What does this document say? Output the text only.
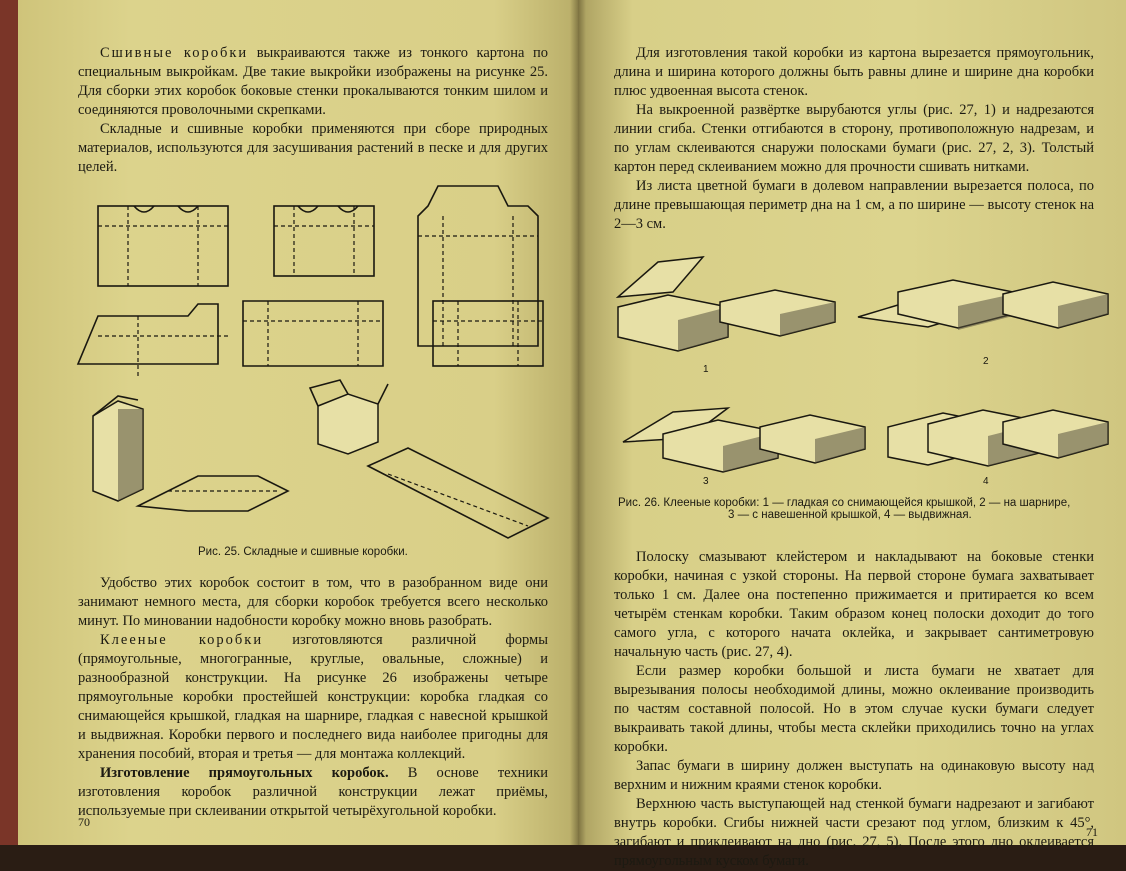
Сшивные коробки выкраиваются также из тонкого картона по специальным выкройкам. Две такие выкройки изображены на рисунке 25. Для сборки этих коробок боковые стенки прокалываются тонким шилом и соединяются проволочными скрепками.

Складные и сшивные коробки применяются при сборе природных материалов, используются для засушивания растений в песке и для других целей.

Рис. 25. Складные и сшивные коробки.

Удобство этих коробок состоит в том, что в разобранном виде они занимают немного места, для сборки коробок требуется всего несколько минут. По миновании надобности коробку можно вновь разобрать.

Клееные коробки изготовляются различной формы (прямоугольные, многогранные, круглые, овальные, сложные) и разнообразной конструкции. На рисунке 26 изображены четыре прямоугольные коробки простейшей конструкции: коробка гладкая со снимающейся крышкой, гладкая на шарнире, гладкая с навесной крышкой и выдвижная. Коробки первого и последнего вида наиболее пригодны для хранения пособий, вторая и третья — для монтажа коллекций.

Изготовление прямоугольных коробок. В основе техники изготовления коробок различной конструкции лежат приёмы, используемые при склеивании открытой четырёхугольной коробки.

70

Для изготовления такой коробки из картона вырезается прямоугольник, длина и ширина которого должны быть равны длине и ширине дна коробки плюс удвоенная высота стенок.

На выкроенной развёртке вырубаются углы (рис. 27, 1) и надрезаются линии сгиба. Стенки отгибаются в сторону, противоположную надрезам, и по углам склеиваются снаружи полосками бумаги (рис. 27, 2, 3). Толстый картон перед склеиванием можно для прочности сшивать нитками.

Из листа цветной бумаги в долевом направлении вырезается полоса, по длине превышающая периметр дна на 1 см, а по ширине — высоту стенок на 2—3 см.

1
2
3	4
Рис. 26. Клееные коробки: 1 — гладкая со снимающейся крышкой, 2 — на шарнире,
3 — с навешенной крышкой, 4 — выдвижная.

Полоску смазывают клейстером и накладывают на боковые стенки коробки, начиная с узкой стороны. На первой стороне бумага захватывает только 1 см. Далее она постепенно прижимается и притирается ко всем четырём стенкам коробки. Таким образом конец полоски доходит до того самого угла, с которого начата оклейка, и закрывает сантиметровую начальную часть (рис. 27, 4).

Если размер коробки большой и листа бумаги не хватает для вырезывания полосы необходимой длины, можно оклеивание производить по частям составной полосой. Но в этом случае куски бумаги следует выкраивать такой длины, чтобы места склейки приходились точно на углах коробки.

Запас бумаги в ширину должен выступать на одинаковую высоту над верхним и нижним краями стенок коробки.

Верхнюю часть выступающей над стенкой бумаги надрезают и загибают внутрь коробки. Сгибы нижней части срезают под углом, близким к 45°, загибают и приклеивают на дно (рис. 27, 5). После этого дно оклеивается прямоугольным куском бумаги.

71
